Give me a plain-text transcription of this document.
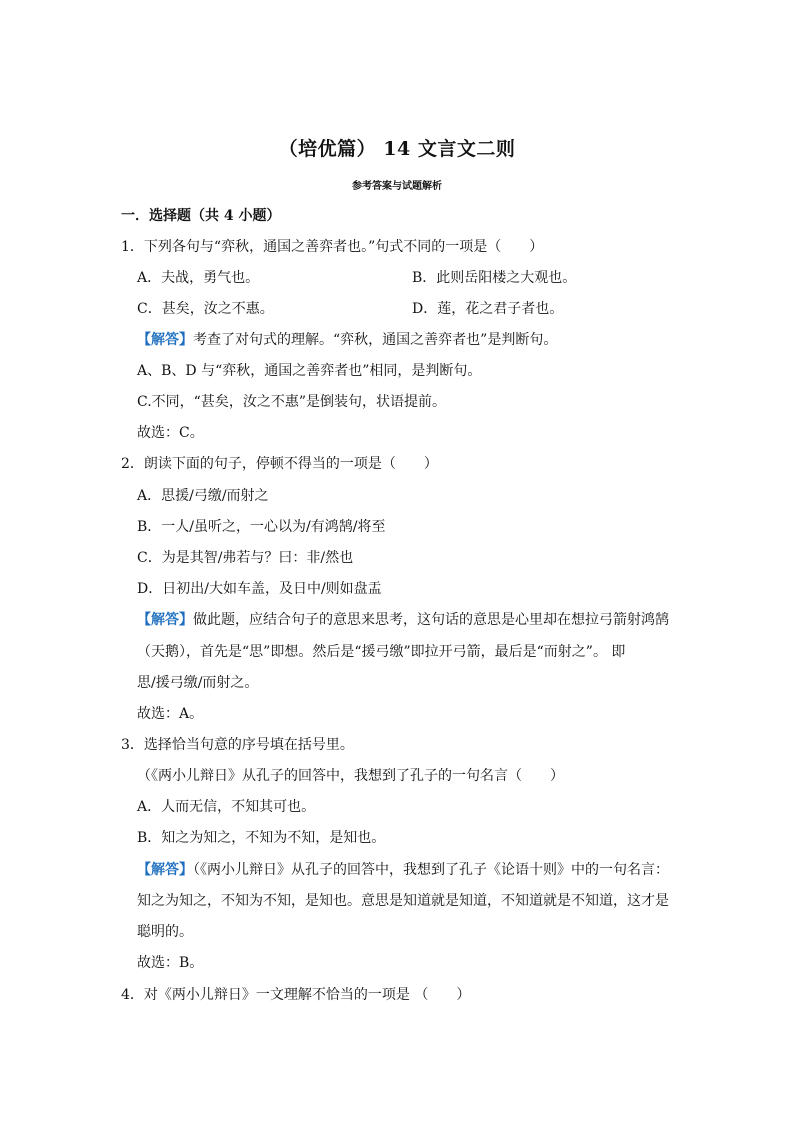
（培优篇） 14 文言文二则
参考答案与试题解析
一．选择题（共 4 小题）
1．下列各句与“弈秋，通国之善弈者也。”句式不同的一项是（　　）
A．夫战，勇气也。	B．此则岳阳楼之大观也。
C．甚矣，汝之不惠。	D．莲，花之君子者也。
【解答】考查了对句式的理解。“弈秋，通国之善弈者也”是判断句。
A、B、D 与“弈秋，通国之善弈者也”相同，是判断句。
C.不同，“甚矣，汝之不惠”是倒装句，状语提前。
故选：C。
2．朗读下面的句子，停顿不得当的一项是（　　）
A．思援/弓缴/而射之
B．一人/虽听之，一心以为/有鸿鹄/将至
C．为是其智/弗若与？曰：非/然也
D．日初出/大如车盖，及日中/则如盘盂
【解答】做此题，应结合句子的意思来思考，这句话的意思是心里却在想拉弓箭射鸿鹄
（天鹅），首先是“思”即想。然后是“援弓缴”即拉开弓箭，最后是“而射之”。 即
思/援弓缴/而射之。
故选：A。
3．选择恰当句意的序号填在括号里。
（《两小儿辩日》从孔子的回答中，我想到了孔子的一句名言（　　）
A．人而无信，不知其可也。
B．知之为知之，不知为不知，是知也。
【解答】（《两小儿辩日》从孔子的回答中，我想到了孔子《论语十则》中的一句名言：
知之为知之，不知为不知，是知也。意思是知道就是知道，不知道就是不知道，这才是
聪明的。
故选：B。
4．对《两小儿辩日》一文理解不恰当的一项是 （　　）
